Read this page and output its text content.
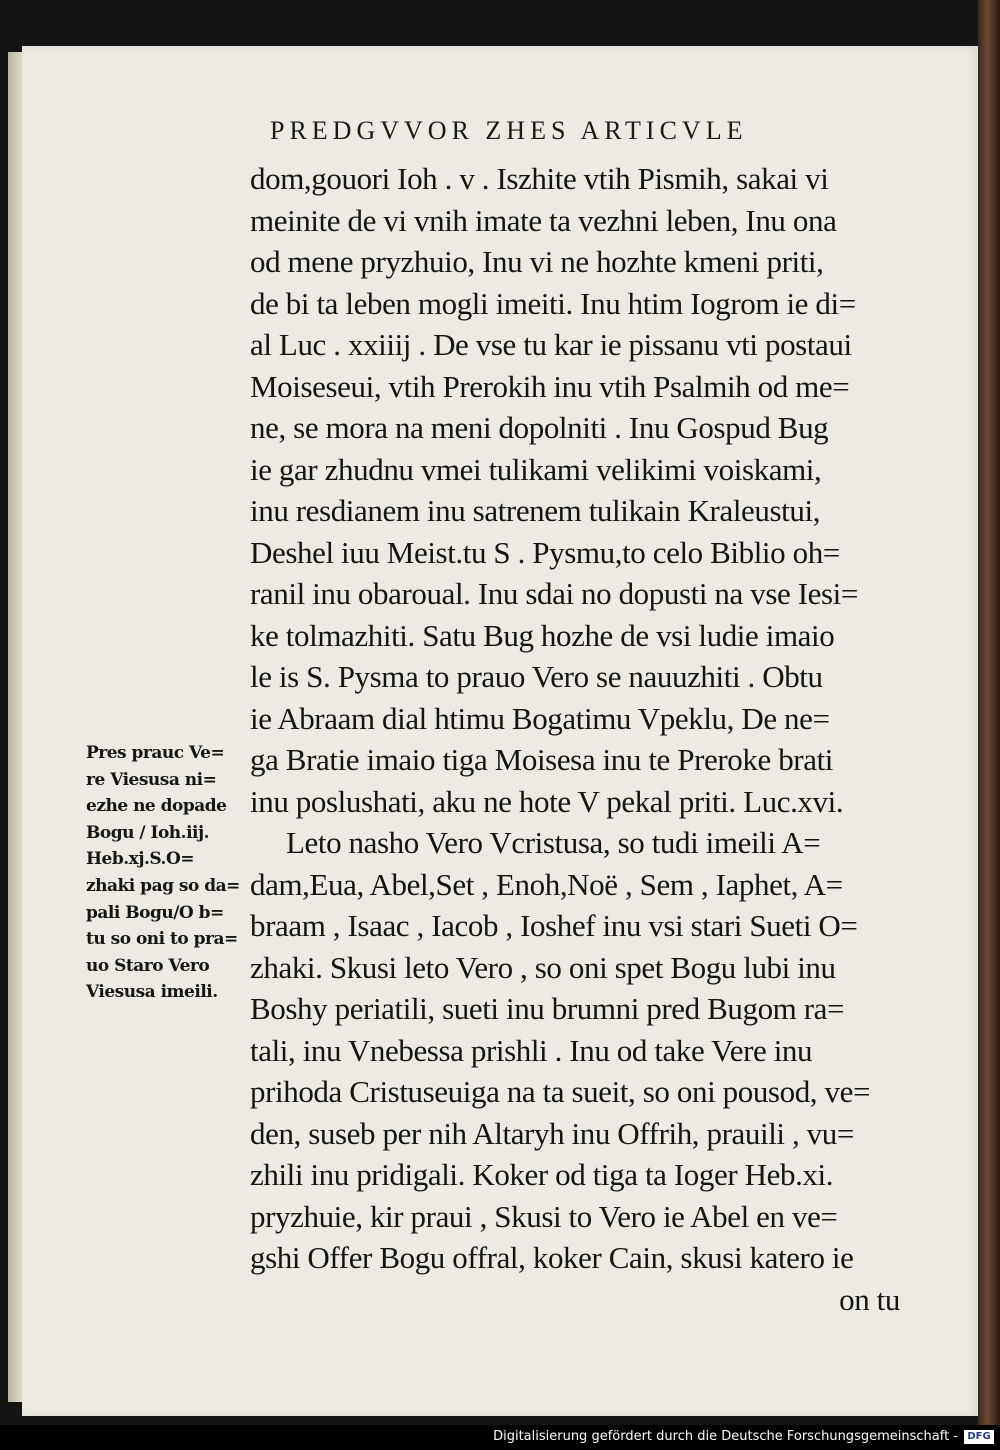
PREDGVVOR ZHES ARTICVLE
dom,gouori Ioh . v . Iszhite vtih Pismih, sakai vi
meinite de vi vnih imate ta vezhni leben, Inu ona
od mene pryzhuio, Inu vi ne hozhte kmeni priti,
de bi ta leben mogli imeiti. Inu htim Iogrom ie di=
al Luc . xxiiij . De vse tu kar ie pissanu vti postaui
Moiseseui, vtih Prerokih inu vtih Psalmih od me=
ne, se mora na meni dopolniti . Inu Gospud Bug
ie gar zhudnu vmei tulikami velikimi voiskami,
inu resdianem inu satrenem tulikain Kraleustui,
Deshel iuu Meist.tu S . Pysmu,to celo Biblio oh=
ranil inu obaroual. Inu sdai no dopusti na vse Iesi=
ke tolmazhiti. Satu Bug hozhe de vsi ludie imaio
le is S. Pysma to prauo Vero se nauuzhiti . Obtu
ie Abraam dial htimu Bogatimu Vpeklu, De ne=
ga Bratie imaio tiga Moisesa inu te Preroke brati
inu poslushati, aku ne hote V pekal priti. Luc.xvi.
Leto nasho Vero Vcristusa, so tudi imeili A=
dam,Eua, Abel,Set , Enoh,Noë , Sem , Iaphet, A=
braam , Isaac , Iacob , Ioshef inu vsi stari Sueti O=
zhaki. Skusi leto Vero , so oni spet Bogu lubi inu
Boshy periatili, sueti inu brumni pred Bugom ra=
tali, inu Vnebessa prishli . Inu od take Vere inu
prihoda Cristuseuiga na ta sueit, so oni pousod, ve=
den, suseb per nih Altaryh inu Offrih, prauili , vu=
zhili inu pridigali. Koker od tiga ta Ioger Heb.xi.
pryzhuie, kir praui , Skusi to Vero ie Abel en ve=
gshi Offer Bogu offral, koker Cain, skusi katero ie
on tu
Pres prauc Ve=
re Viesusa ni=
ezhe ne dopade
Bogu / Ioh.iij.
Heb.xj.S.O=
zhaki pag so da=
pali Bogu/O b=
tu so oni to pra=
uo Staro Vero
Viesusa imeili.
Digitalisierung gefördert durch die Deutsche Forschungsgemeinschaft - DFG
